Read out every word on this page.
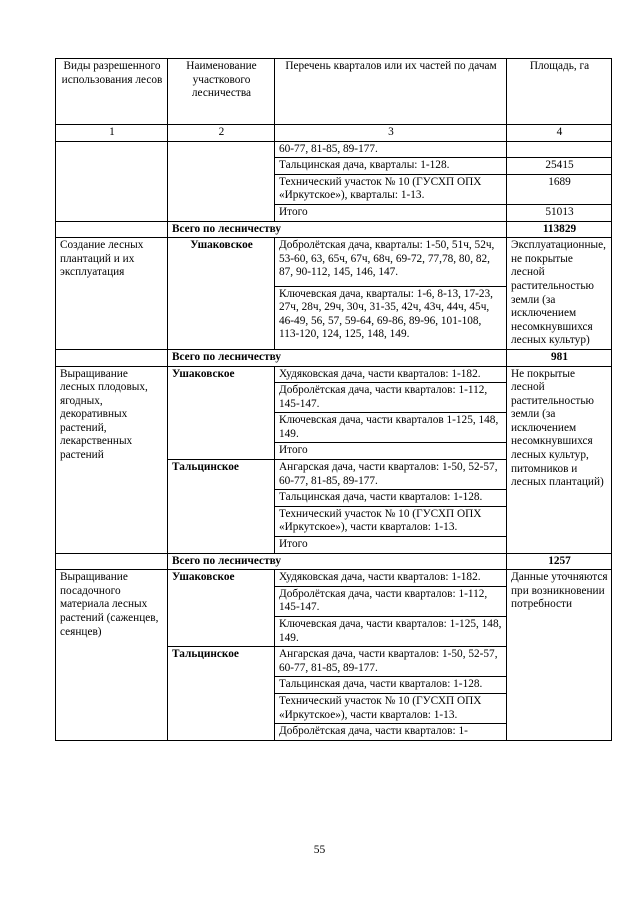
Виды разрешенного использования лесов	Наименование участкового лесничества	Перечень кварталов или их частей по дачам	Площадь, га
1	2	3	4
		60-77, 81-85, 89-177.	
		Тальцинская дача, кварталы: 1-128.	25415
		Технический участок № 10 (ГУСХП ОПХ «Иркутское»), кварталы: 1-13.	1689
		Итого	51013
	Всего по лесничеству		113829
Создание лесных плантаций и их эксплуатация	Ушаковское	Добролётская дача, кварталы: 1-50, 51ч, 52ч, 53-60, 63, 65ч, 67ч, 68ч, 69-72, 77,78, 80, 82, 87, 90-112, 145, 146, 147.	Эксплуатационные, не покрытые лесной растительностью земли (за исключением несомкнувшихся лесных культур)
		Ключевская дача, кварталы: 1-6, 8-13, 17-23, 27ч, 28ч, 29ч, 30ч, 31-35, 42ч, 43ч, 44ч, 45ч, 46-49, 56, 57, 59-64, 69-86, 89-96, 101-108, 113-120, 124, 125, 148, 149.	
	Всего по лесничеству		981
Выращивание лесных плодовых, ягодных, декоративных растений, лекарственных растений	Ушаковское	Худяковская дача, части кварталов: 1-182.	Не покрытые лесной растительностью земли (за исключением несомкнувшихся лесных культур, питомников и лесных плантаций)
		Добролётская дача, части кварталов: 1-112, 145-147.	
		Ключевская дача, части кварталов 1-125, 148, 149.	
		Итого	
	Тальцинское	Ангарская дача, части кварталов: 1-50, 52-57, 60-77, 81-85, 89-177.	
		Тальцинская дача, части кварталов: 1-128.	
		Технический участок № 10 (ГУСХП ОПХ «Иркутское»), части кварталов: 1-13.	
		Итого	
	Всего по лесничеству		1257
Выращивание посадочного материала лесных растений (саженцев, сеянцев)	Ушаковское	Худяковская дача, части кварталов: 1-182.	Данные уточняются при возникновении потребности
		Добролётская дача, части кварталов: 1-112, 145-147.	
		Ключевская дача, части кварталов: 1-125, 148, 149.	
	Тальцинское	Ангарская дача, части кварталов: 1-50, 52-57, 60-77, 81-85, 89-177.	
		Тальцинская дача, части кварталов: 1-128.	
		Технический участок № 10 (ГУСХП ОПХ «Иркутское»), части кварталов: 1-13.	
		Добролётская дача, части кварталов: 1-	
55
